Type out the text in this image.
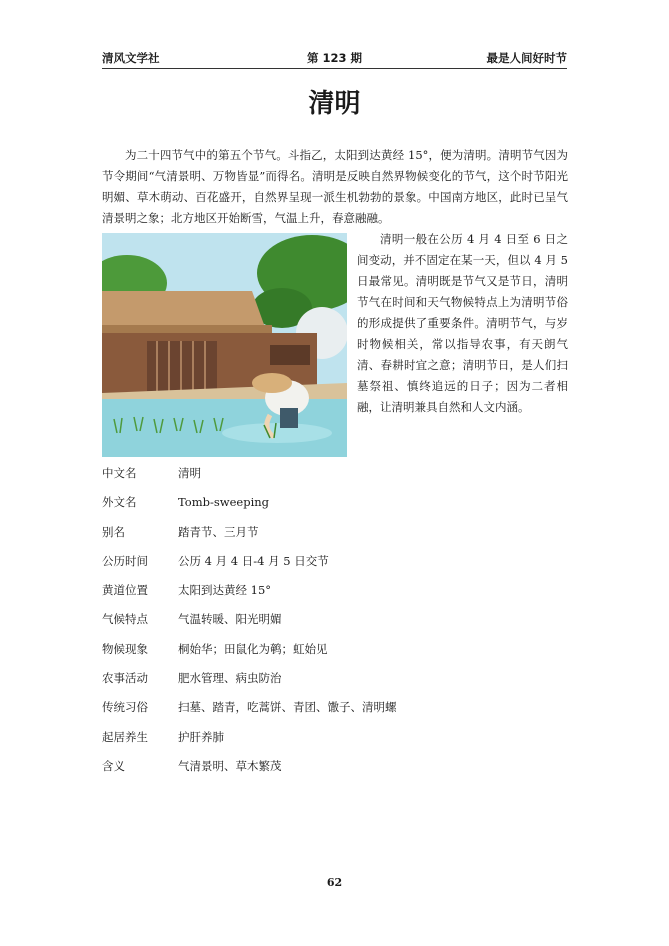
清风文学社	第 123 期	最是人间好时节
清明

为二十四节气中的第五个节气。斗指乙，太阳到达黄经 15°，便为清明。清明节气因为节令期间“气清景明、万物皆显”而得名。清明是反映自然界物候变化的节气，这个时节阳光明媚、草木萌动、百花盛开，自然界呈现一派生机勃勃的景象。中国南方地区，此时已呈气清景明之象；北方地区开始断雪，气温上升，春意融融。

清明一般在公历 4 月 4 日至 6 日之间变动，并不固定在某一天，但以 4 月 5 日最常见。清明既是节气又是节日，清明节气在时间和天气物候特点上为清明节俗的形成提供了重要条件。清明节气，与岁时物候相关，常以指导农事，有天朗气清、春耕时宜之意；清明节日，是人们扫墓祭祖、慎终追远的日子；因为二者相融，让清明兼具自然和人文内涵。

中文名	清明
外文名	Tomb-sweeping
别名	踏青节、三月节
公历时间	公历 4 月 4 日-4 月 5 日交节
黄道位置	太阳到达黄经 15°
气候特点	气温转暖、阳光明媚
物候现象	桐始华；田鼠化为鹌；虹始见
农事活动	肥水管理、病虫防治
传统习俗	扫墓、踏青，吃蒿饼、青团、馓子、清明螺
起居养生	护肝养肺
含义	气清景明、草木繁茂
62
